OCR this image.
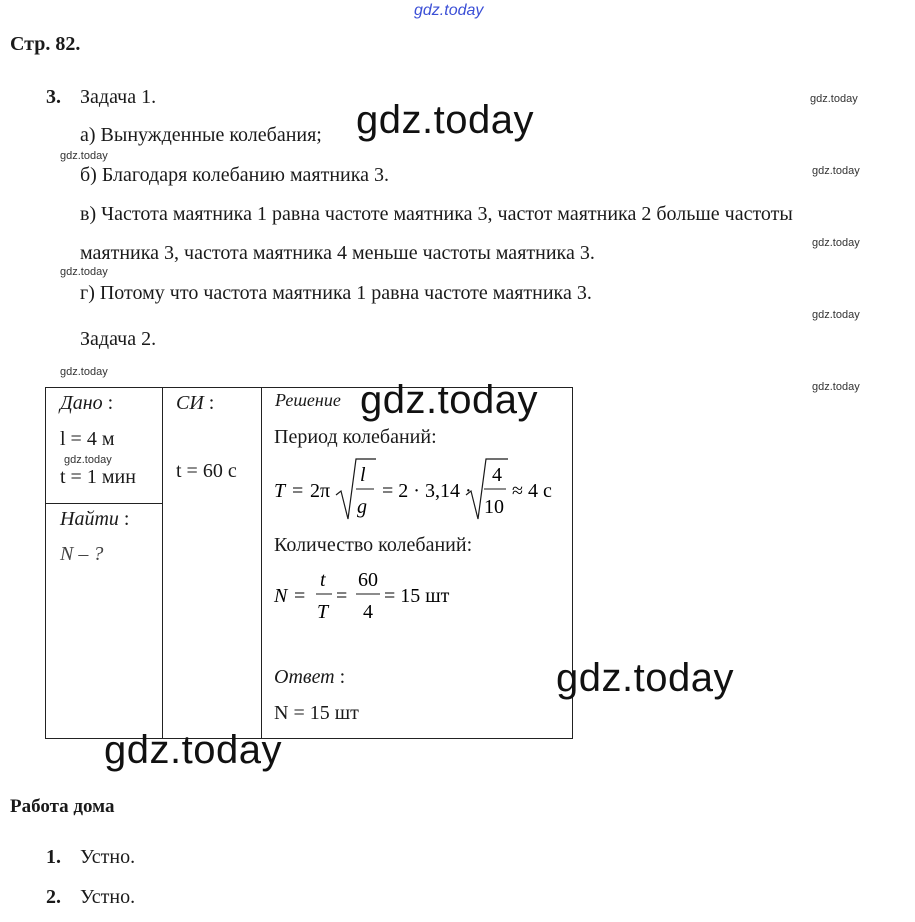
gdz.today
Стр. 82.
3. Задача 1.
а) Вынужденные колебания;
б) Благодаря колебанию маятника 3.
в) Частота маятника 1 равна частоте маятника 3, частот маятника 2 больше частоты
маятника 3, частота маятника 4 меньше частоты маятника 3.
г) Потому что частота маятника 1 равна частоте маятника 3.
Задача 2.
gdz.today
gdz.today
gdz.today
gdz.today
gdz.today
gdz.today
gdz.today
gdz.today
gdz.today
Дано :
l = 4 м
t = 1 мин
Найти :
N – ?
СИ :
t = 60 с
Решение
Период колебаний:
T = 2π
l
g
= 2 · 3,14 ·
4
10
≈ 4 с
Количество колебаний:
N =
t
T
=
60
4
= 15 шт
Ответ :
N = 15 шт
gdz.today
gdz.today
gdz.today
gdz.today
Работа дома
1. Устно.
2. Устно.
